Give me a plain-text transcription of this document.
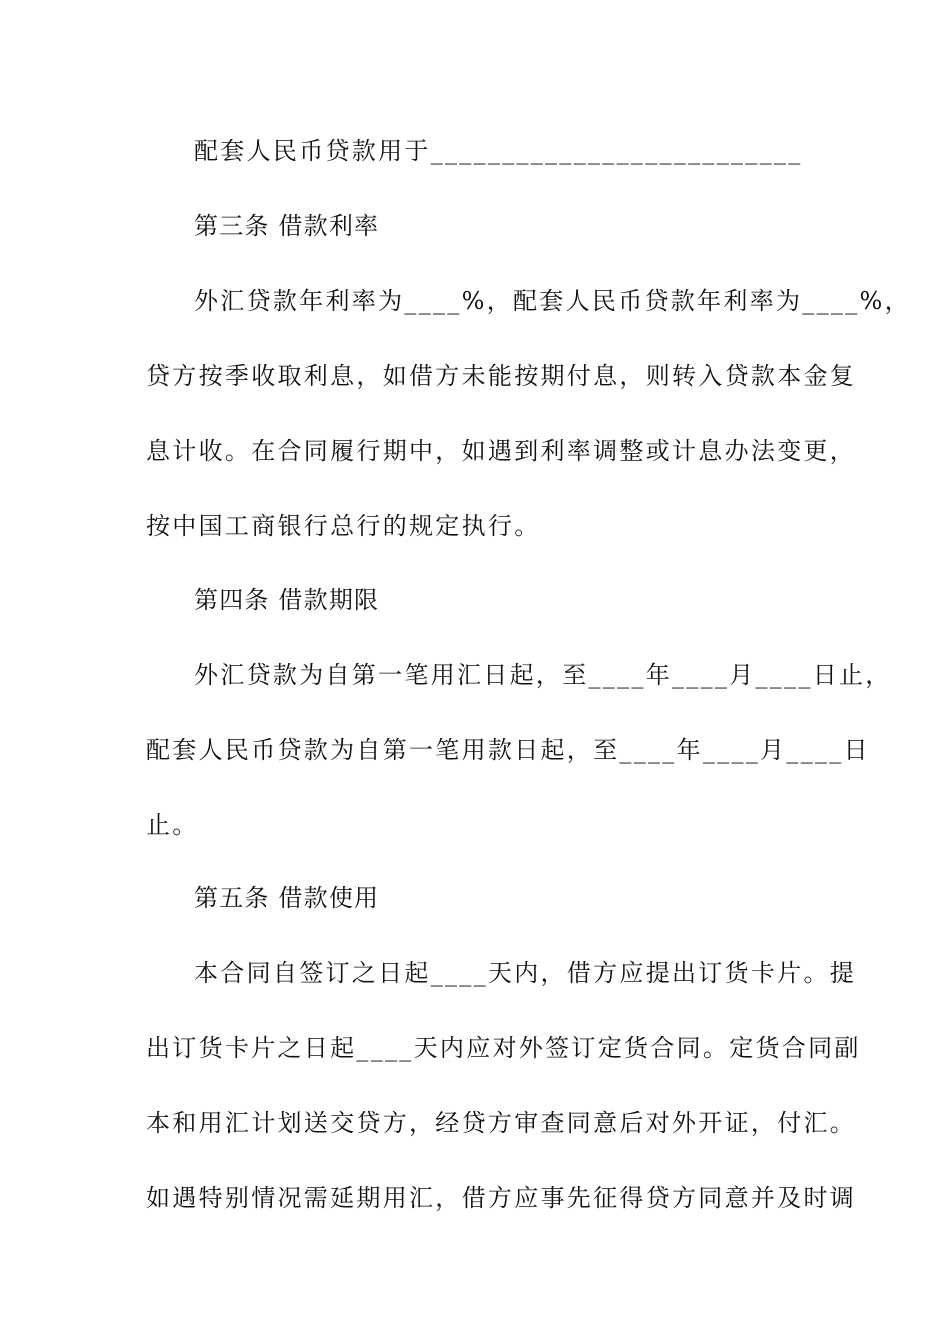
配套人民币贷款用于__________________________
第三条 借款利率
外汇贷款年利率为____%，配套人民币贷款年利率为____%，
贷方按季收取利息，如借方未能按期付息，则转入贷款本金复
息计收。在合同履行期中，如遇到利率调整或计息办法变更，
按中国工商银行总行的规定执行。
第四条 借款期限
外汇贷款为自第一笔用汇日起，至____年____月____日止，
配套人民币贷款为自第一笔用款日起，至____年____月____日
止。
第五条 借款使用
本合同自签订之日起____天内，借方应提出订货卡片。提
出订货卡片之日起____天内应对外签订定货合同。定货合同副
本和用汇计划送交贷方，经贷方审查同意后对外开证，付汇。
如遇特别情况需延期用汇，借方应事先征得贷方同意并及时调
